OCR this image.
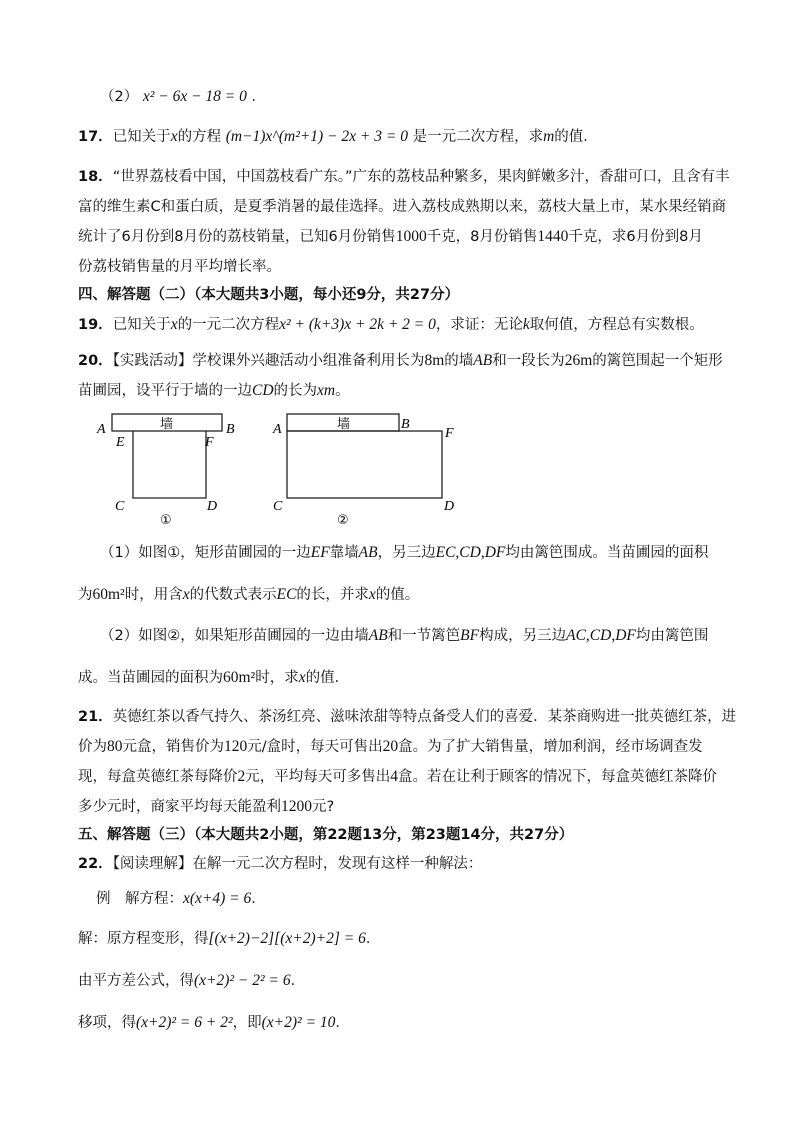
（2） x² − 6x − 18 = 0 ．
17．已知关于x的方程 (m−1)x^(m²+1) − 2x + 3 = 0 是一元二次方程，求m的值．
18．“世界荔枝看中国，中国荔枝看广东。”广东的荔枝品种繁多，果肉鲜嫩多汁，香甜可口，且含有丰
富的维生素C和蛋白质，是夏季消暑的最佳选择。进入荔枝成熟期以来，荔枝大量上市，某水果经销商
统计了6月份到8月份的荔枝销量，已知6月份销售1000千克，8月份销售1440千克，求6月份到8月
份荔枝销售量的月平均增长率。
四、解答题（二）（本大题共3小题，每小还9分，共27分）
19．已知关于x的一元二次方程x² + (k+3)x + 2k + 2 = 0，求证：无论k取何值，方程总有实数根。
20．【实践活动】学校课外兴趣活动小组准备利用长为8m的墙AB和一段长为26m的篱笆围起一个矩形
苗圃园，设平行于墙的一边CD的长为xm。
墙
A	B
E	F
C	D
①
墙
A	B
F
C	D
②
（1）如图①，矩形苗圃园的一边EF靠墙AB，另三边EC,CD,DF均由篱笆围成。当苗圃园的面积
为60m²时，用含x的代数式表示EC的长，并求x的值。
（2）如图②，如果矩形苗圃园的一边由墙AB和一节篱笆BF构成，另三边AC,CD,DF均由篱笆围
成。当苗圃园的面积为60m²时，求x的值．
21．英德红茶以香气持久、茶汤红亮、滋味浓甜等特点备受人们的喜爱．某茶商购进一批英德红茶，进
价为80元盒，销售价为120元/盒时，每天可售出20盒。为了扩大销售量，增加利润，经市场调查发
现，每盒英德红茶每降价2元，平均每天可多售出4盒。若在让利于顾客的情况下，每盒英德红茶降价
多少元时，商家平均每天能盈利1200元?
五、解答题（三）（本大题共2小题，第22题13分，第23题14分，共27分）
22．【阅读理解】在解一元二次方程时，发现有这样一种解法：
例　解方程：x(x+4) = 6．
解：原方程变形，得[(x+2)−2][(x+2)+2] = 6．
由平方差公式，得(x+2)² − 2² = 6．
移项，得(x+2)² = 6 + 2²，即(x+2)² = 10．
